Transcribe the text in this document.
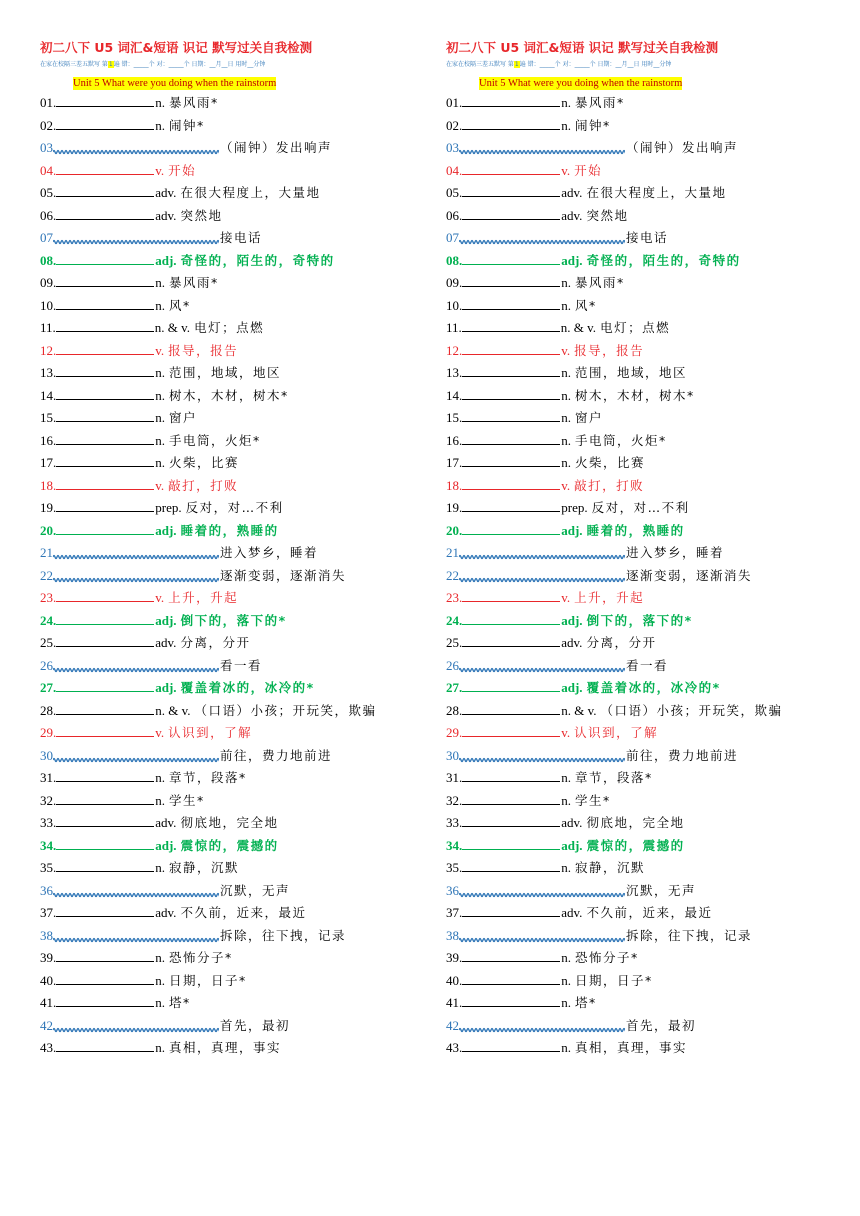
初二八下 U5 词汇&短语 识记 默写过关自我检测
在家在校隔三差五默写 第1遍 错：_____个 对：_____个 日期：__月__日 用时__分钟
Unit 5 What were you doing when the rainstorm
01.	n. 暴风雨*
02.	n. 闹钟*
03	（闹钟）发出响声
04.	v. 开始
05.	adv. 在很大程度上，大量地
06.	adv. 突然地
07	接电话
08.	adj. 奇怪的，陌生的，奇特的
09.	n. 暴风雨*
10.	n. 风*
11.	n. & v. 电灯；点燃
12.	v. 报导，报告
13.	n. 范围，地域，地区
14.	n. 树木，木材，树木*
15.	n. 窗户
16.	n. 手电筒，火炬*
17.	n. 火柴，比赛
18.	v. 敲打，打败
19.	prep. 反对，对…不利
20.	adj. 睡着的，熟睡的
21	进入梦乡，睡着
22	逐渐变弱，逐渐消失
23.	v. 上升，升起
24.	adj. 倒下的，落下的*
25.	adv. 分离，分开
26	看一看
27.	adj. 覆盖着冰的，冰冷的*
28.	n. & v. （口语）小孩；开玩笑，欺骗
29.	v. 认识到，了解
30	前往，费力地前进
31.	n. 章节，段落*
32.	n. 学生*
33.	adv. 彻底地，完全地
34.	adj. 震惊的，震撼的
35.	n. 寂静，沉默
36	沉默，无声
37.	adv. 不久前，近来，最近
38	拆除，往下拽，记录
39.	n. 恐怖分子*
40.	n. 日期，日子*
41.	n. 塔*
42	首先，最初
43.	n. 真相，真理，事实
初二八下 U5 词汇&短语 识记 默写过关自我检测
在家在校隔三差五默写 第1遍 错：_____个 对：_____个 日期：__月__日 用时__分钟
Unit 5 What were you doing when the rainstorm
01.	n. 暴风雨*
02.	n. 闹钟*
03	（闹钟）发出响声
04.	v. 开始
05.	adv. 在很大程度上，大量地
06.	adv. 突然地
07	接电话
08.	adj. 奇怪的，陌生的，奇特的
09.	n. 暴风雨*
10.	n. 风*
11.	n. & v. 电灯；点燃
12.	v. 报导，报告
13.	n. 范围，地域，地区
14.	n. 树木，木材，树木*
15.	n. 窗户
16.	n. 手电筒，火炬*
17.	n. 火柴，比赛
18.	v. 敲打，打败
19.	prep. 反对，对…不利
20.	adj. 睡着的，熟睡的
21	进入梦乡，睡着
22	逐渐变弱，逐渐消失
23.	v. 上升，升起
24.	adj. 倒下的，落下的*
25.	adv. 分离，分开
26	看一看
27.	adj. 覆盖着冰的，冰冷的*
28.	n. & v. （口语）小孩；开玩笑，欺骗
29.	v. 认识到，了解
30	前往，费力地前进
31.	n. 章节，段落*
32.	n. 学生*
33.	adv. 彻底地，完全地
34.	adj. 震惊的，震撼的
35.	n. 寂静，沉默
36	沉默，无声
37.	adv. 不久前，近来，最近
38	拆除，往下拽，记录
39.	n. 恐怖分子*
40.	n. 日期，日子*
41.	n. 塔*
42	首先，最初
43.	n. 真相，真理，事实
